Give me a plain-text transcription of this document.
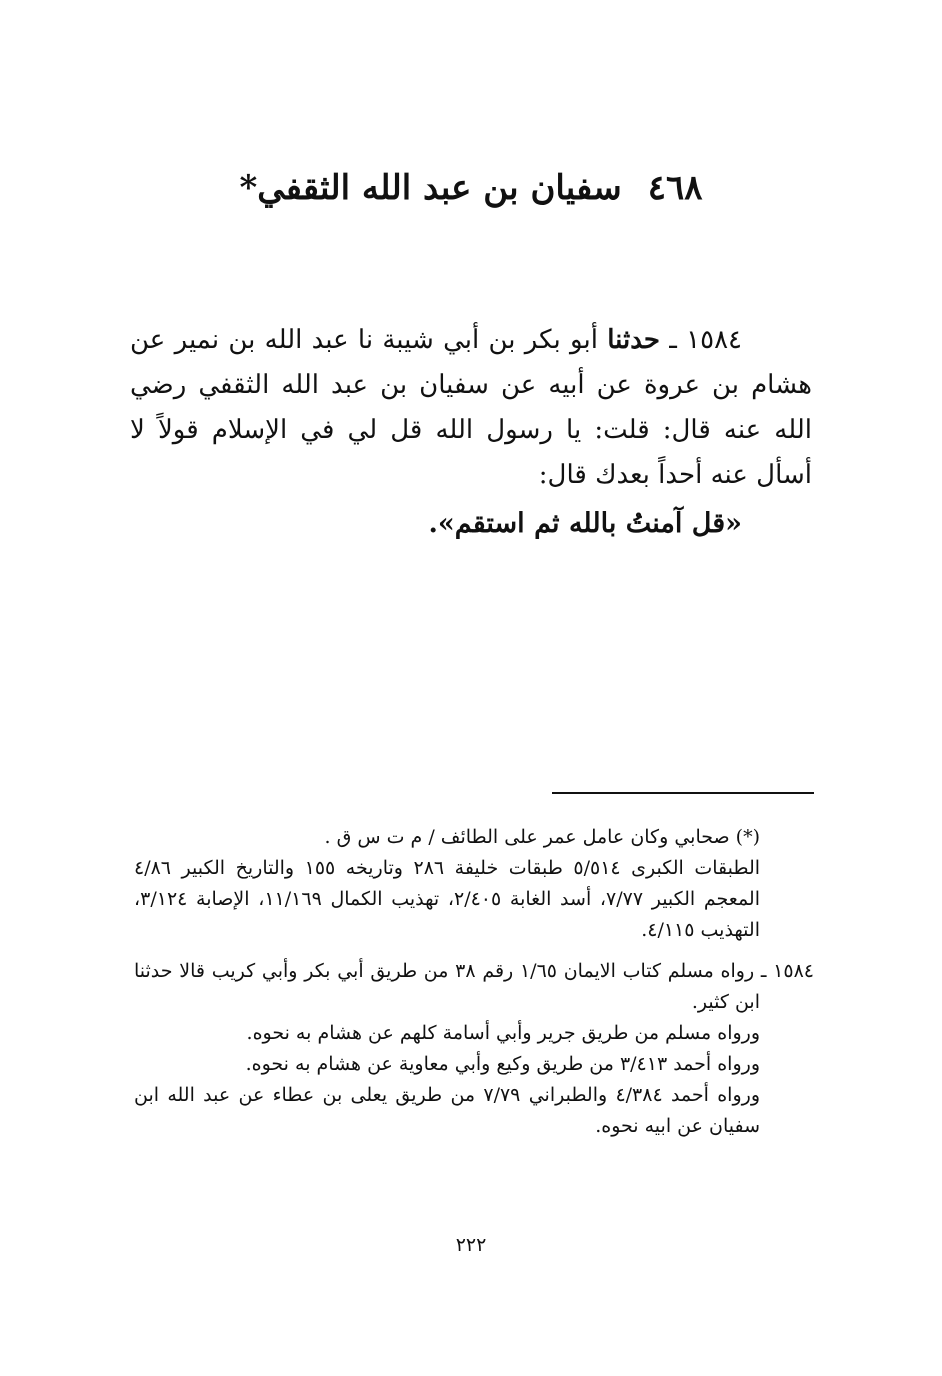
٤٦٨سفيان بن عبد الله الثقفي*

١٥٨٤ ـ حدثنا أبو بكر بن أبي شيبة نا عبد الله بن نمير عن هشام بن عروة عن أبيه عن سفيان بن عبد الله الثقفي رضي الله عنه قال: قلت: يا رسول الله قل لي في الإسلام قولاً لا أسأل عنه أحداً بعدك قال:

«قل آمنتُ بالله ثم استقم».

(*) صحابي وكان عامل عمر على الطائف / م ت س ق .

الطبقات الكبرى ٥/٥١٤ طبقات خليفة ٢٨٦ وتاريخه ١٥٥ والتاريخ الكبير ٤/٨٦ المعجم الكبير ٧/٧٧، أسد الغابة ٢/٤٠٥، تهذيب الكمال ١١/١٦٩، الإصابة ٣/١٢٤، التهذيب ٤/١١٥.

١٥٨٤ ـ رواه مسلم كتاب الايمان ١/٦٥ رقم ٣٨ من طريق أبي بكر وأبي كريب قالا حدثنا ابن كثير.

ورواه مسلم من طريق جرير وأبي أسامة كلهم عن هشام به نحوه.

ورواه أحمد ٣/٤١٣ من طريق وكيع وأبي معاوية عن هشام به نحوه.

ورواه أحمد ٤/٣٨٤ والطبراني ٧/٧٩ من طريق يعلى بن عطاء عن عبد الله ابن سفيان عن ابيه نحوه.

٢٢٢
